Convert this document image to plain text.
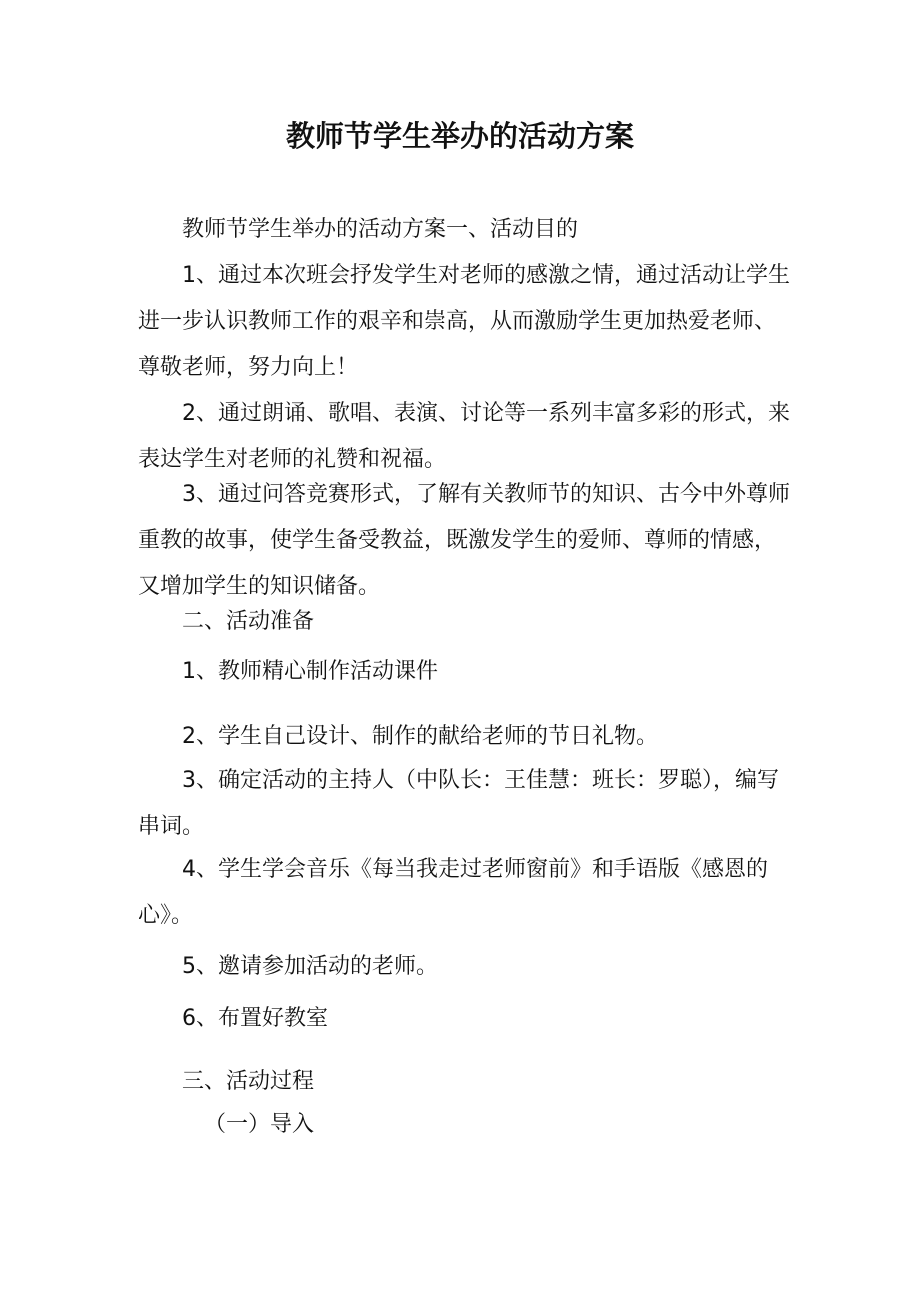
教师节学生举办的活动方案
教师节学生举办的活动方案一、活动目的
1、通过本次班会抒发学生对老师的感激之情，通过活动让学生进一步认识教师工作的艰辛和崇高，从而激励学生更加热爱老师、尊敬老师，努力向上！
2、通过朗诵、歌唱、表演、讨论等一系列丰富多彩的形式，来表达学生对老师的礼赞和祝福。
3、通过问答竞赛形式，了解有关教师节的知识、古今中外尊师重教的故事，使学生备受教益，既激发学生的爱师、尊师的情感，又增加学生的知识储备。
二、活动准备
1、教师精心制作活动课件
2、学生自己设计、制作的献给老师的节日礼物。
3、确定活动的主持人（中队长：王佳慧：班长：罗聪），编写串词。
4、学生学会音乐《每当我走过老师窗前》和手语版《感恩的心》。
5、邀请参加活动的老师。
6、布置好教室
三、活动过程
（一）导入
